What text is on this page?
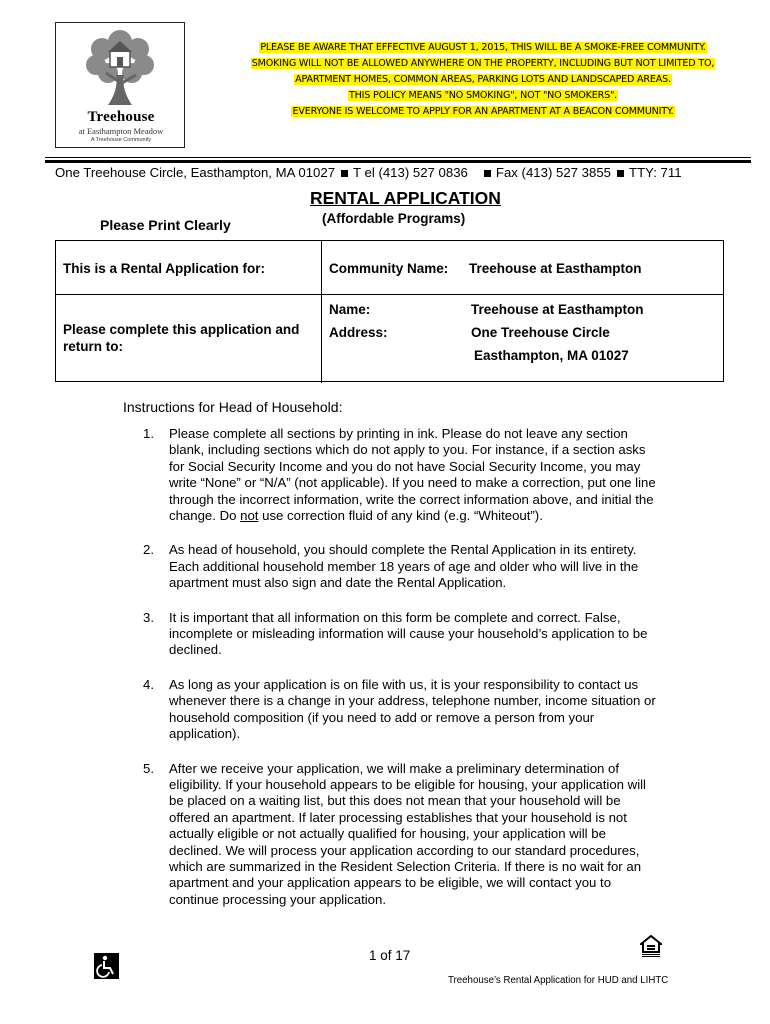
Treehouse
at Easthampton Meadow
A Treehouse Community
PLEASE BE AWARE THAT EFFECTIVE AUGUST 1, 2015, THIS WILL BE A SMOKE-FREE COMMUNITY.
SMOKING WILL NOT BE ALLOWED ANYWHERE ON THE PROPERTY, INCLUDING BUT NOT LIMITED TO,
APARTMENT HOMES, COMMON AREAS, PARKING LOTS AND LANDSCAPED AREAS.
THIS POLICY MEANS "NO SMOKING", NOT "NO SMOKERS".
EVERYONE IS WELCOME TO APPLY FOR AN APARTMENT AT A BEACON COMMUNITY.
One Treehouse Circle, Easthampton, MA 01027 T el (413) 527 0836 Fax (413) 527 3855 TTY: 711
RENTAL APPLICATION
(Affordable Programs)
Please Print Clearly
This is a Rental Application for:	Community Name: Treehouse at Easthampton
Please complete this application and
return to:
Name:	Treehouse at Easthampton
Address:	One Treehouse Circle
Easthampton, MA 01027
Instructions for Head of Household:
1. Please complete all sections by printing in ink. Please do not leave any section
blank, including sections which do not apply to you. For instance, if a section asks
for Social Security Income and you do not have Social Security Income, you may
write “None” or “N/A” (not applicable). If you need to make a correction, put one line
through the incorrect information, write the correct information above, and initial the
change. Do not use correction fluid of any kind (e.g. “Whiteout”).
2. As head of household, you should complete the Rental Application in its entirety.
Each additional household member 18 years of age and older who will live in the
apartment must also sign and date the Rental Application.
3. It is important that all information on this form be complete and correct. False,
incomplete or misleading information will cause your household’s application to be
declined.
4. As long as your application is on file with us, it is your responsibility to contact us
whenever there is a change in your address, telephone number, income situation or
household composition (if you need to add or remove a person from your
application).
5. After we receive your application, we will make a preliminary determination of
eligibility. If your household appears to be eligible for housing, your application will
be placed on a waiting list, but this does not mean that your household will be
offered an apartment. If later processing establishes that your household is not
actually eligible or not actually qualified for housing, your application will be
declined. We will process your application according to our standard procedures,
which are summarized in the Resident Selection Criteria. If there is no wait for an
apartment and your application appears to be eligible, we will contact you to
continue processing your application.
1 of 17
Treehouse’s Rental Application for HUD and LIHTC
